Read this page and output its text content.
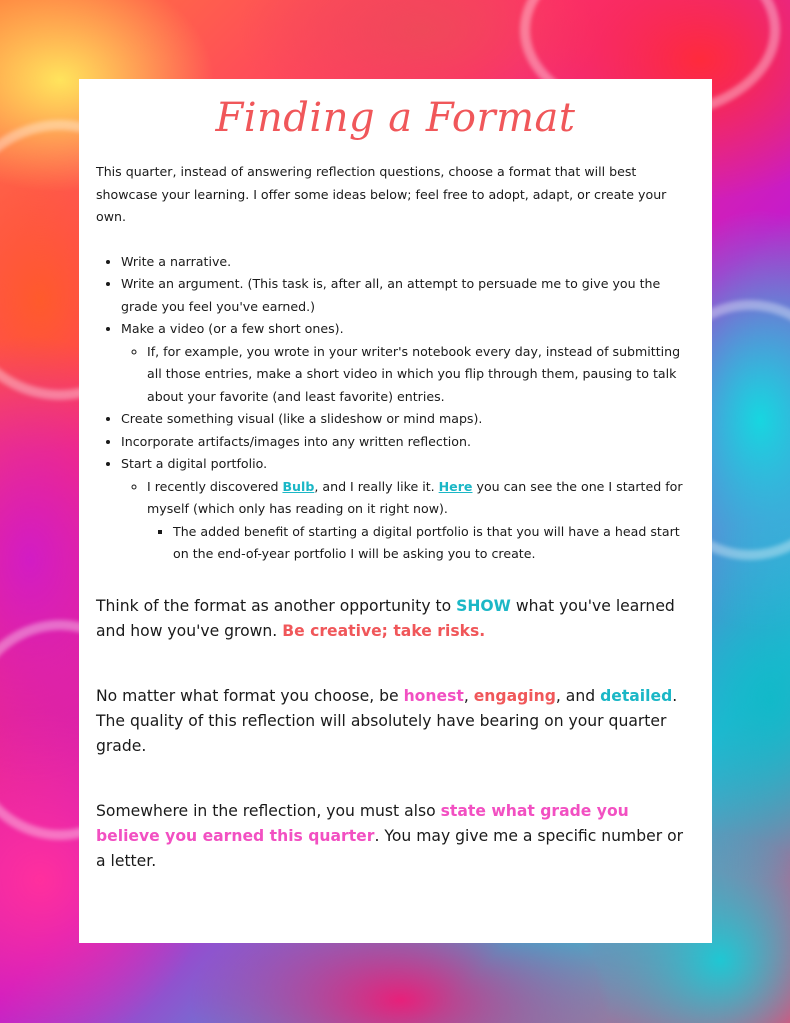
Finding a Format

This quarter, instead of answering reflection questions, choose a format that will best showcase your learning. I offer some ideas below; feel free to adopt, adapt, or create your own.

• Write a narrative.
• Write an argument. (This task is, after all, an attempt to persuade me to give you the grade you feel you've earned.)
• Make a video (or a few short ones).
◦ If, for example, you wrote in your writer's notebook every day, instead of submitting all those entries, make a short video in which you flip through them, pausing to talk about your favorite (and least favorite) entries.
• Create something visual (like a slideshow or mind maps).
• Incorporate artifacts/images into any written reflection.
• Start a digital portfolio.
◦ I recently discovered Bulb, and I really like it. Here you can see the one I started for myself (which only has reading on it right now).
▪ The added benefit of starting a digital portfolio is that you will have a head start on the end-of-year portfolio I will be asking you to create.

Think of the format as another opportunity to SHOW what you've learned and how you've grown. Be creative; take risks.

No matter what format you choose, be honest, engaging, and detailed. The quality of this reflection will absolutely have bearing on your quarter grade.

Somewhere in the reflection, you must also state what grade you believe you earned this quarter. You may give me a specific number or a letter.
